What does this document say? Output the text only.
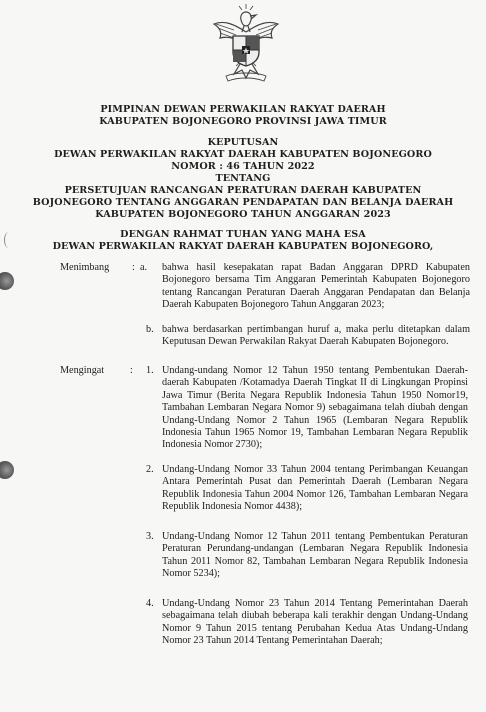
PIMPINAN DEWAN PERWAKILAN RAKYAT DAERAH
KABUPATEN BOJONEGORO PROVINSI JAWA TIMUR
KEPUTUSAN
DEWAN PERWAKILAN RAKYAT DAERAH KABUPATEN BOJONEGORO
NOMOR : 46 TAHUN 2022
TENTANG
PERSETUJUAN RANCANGAN PERATURAN DAERAH KABUPATEN
BOJONEGORO TENTANG ANGGARAN PENDAPATAN DAN BELANJA DAERAH
KABUPATEN BOJONEGORO TAHUN ANGGARAN 2023
DENGAN RAHMAT TUHAN YANG MAHA ESA
DEWAN PERWAKILAN RAKYAT DAERAH KABUPATEN BOJONEGORO,
Menimbang : a. bahwa hasil kesepakatan rapat Badan Anggaran DPRD Kabupaten Bojonegoro bersama Tim Anggaran Pemerintah Kabupaten Bojonegoro tentang Rancangan Peraturan Daerah Anggaran Pendapatan dan Belanja Daerah Kabupaten Bojonegoro Tahun Anggaran 2023;
b. bahwa berdasarkan pertimbangan huruf a, maka perlu ditetapkan dalam Keputusan Dewan Perwakilan Rakyat Daerah Kabupaten Bojonegoro.
Mengingat	: 1. Undang-undang Nomor 12 Tahun 1950 tentang Pembentukan Daerah-daerah Kabupaten /Kotamadya Daerah Tingkat II di Lingkungan Propinsi Jawa Timur (Berita Negara Republik Indonesia Tahun 1950 Nomor19, Tambahan Lembaran Negara Nomor 9) sebagaimana telah diubah dengan Undang-Undang Nomor 2 Tahun 1965 (Lembaran Negara Republik Indonesia Tahun 1965 Nomor 19, Tambahan Lembaran Negara Republik Indonesia Nomor 2730);
2. Undang-Undang Nomor 33 Tahun 2004 tentang Perimbangan Keuangan Antara Pemerintah Pusat dan Pemerintah Daerah (Lembaran Negara Republik Indonesia Tahun 2004 Nomor 126, Tambahan Lembaran Negara Republik Indonesia Nomor 4438);
3. Undang-Undang Nomor 12 Tahun 2011 tentang Pembentukan Peraturan Peraturan Perundang-undangan (Lembaran Negara Republik Indonesia Tahun 2011 Nomor 82, Tambahan Lembaran Negara Republik Indonesia Nomor 5234);
4. Undang-Undang Nomor 23 Tahun 2014 Tentang Pemerintahan Daerah sebagaimana telah diubah beberapa kali terakhir dengan Undang-Undang Nomor 9 Tahun 2015 tentang Perubahan Kedua Atas Undang-Undang Nomor 23 Tahun 2014 Tentang Pemerintahan Daerah;
